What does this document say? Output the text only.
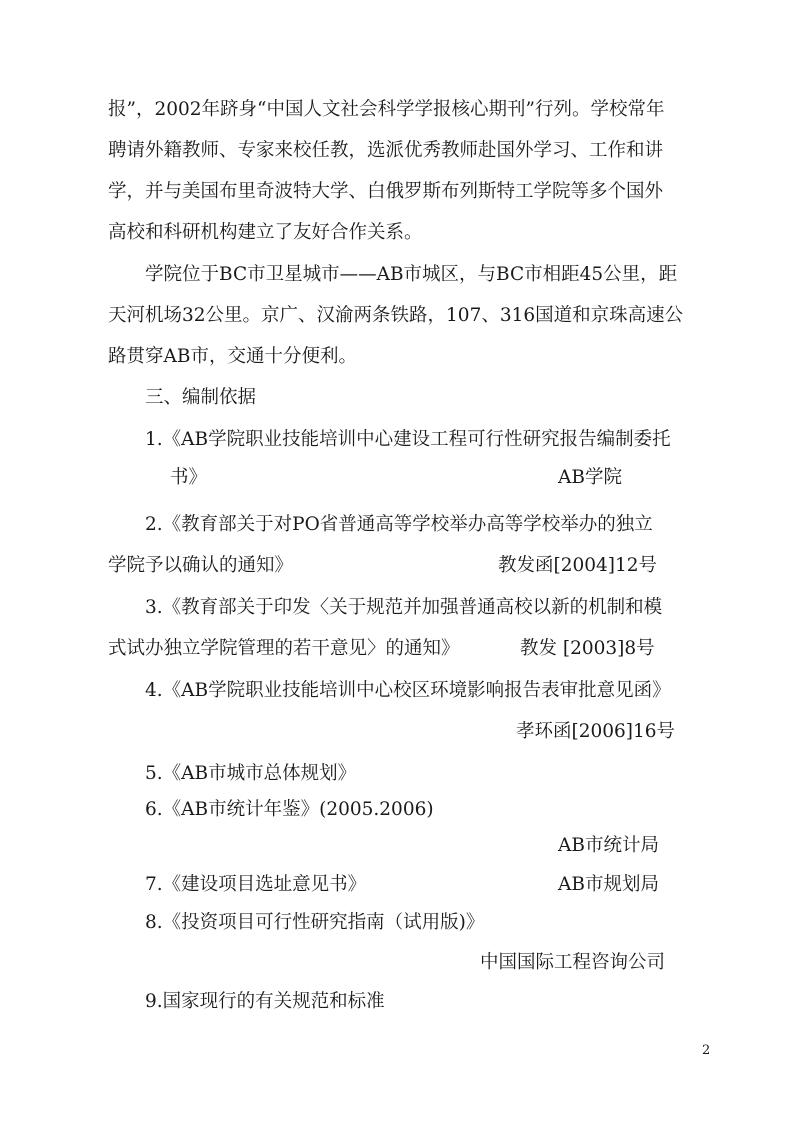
报”，2002年跻身“中国人文社会科学学报核心期刊”行列。学校常年
聘请外籍教师、专家来校任教，选派优秀教师赴国外学习、工作和讲
学，并与美国布里奇波特大学、白俄罗斯布列斯特工学院等多个国外
高校和科研机构建立了友好合作关系。
学院位于BC市卫星城市——AB市城区，与BC市相距45公里，距
天河机场32公里。京广、汉渝两条铁路，107、316国道和京珠高速公
路贯穿AB市，交通十分便利。
三、编制依据
1.《AB学院职业技能培训中心建设工程可行性研究报告编制委托
书》	AB学院
2.《教育部关于对PO省普通高等学校举办高等学校举办的独立
学院予以确认的通知》	教发函[2004]12号
3.《教育部关于印发〈关于规范并加强普通高校以新的机制和模
式试办独立学院管理的若干意见〉的通知》	教发 [2003]8号
4.《AB学院职业技能培训中心校区环境影响报告表审批意见函》
孝环函[2006]16号
5.《AB市城市总体规划》
6.《AB市统计年鉴》(2005.2006)
AB市统计局
7.《建设项目选址意见书》	AB市规划局
8.《投资项目可行性研究指南（试用版)》
中国国际工程咨询公司
9.国家现行的有关规范和标准
2
